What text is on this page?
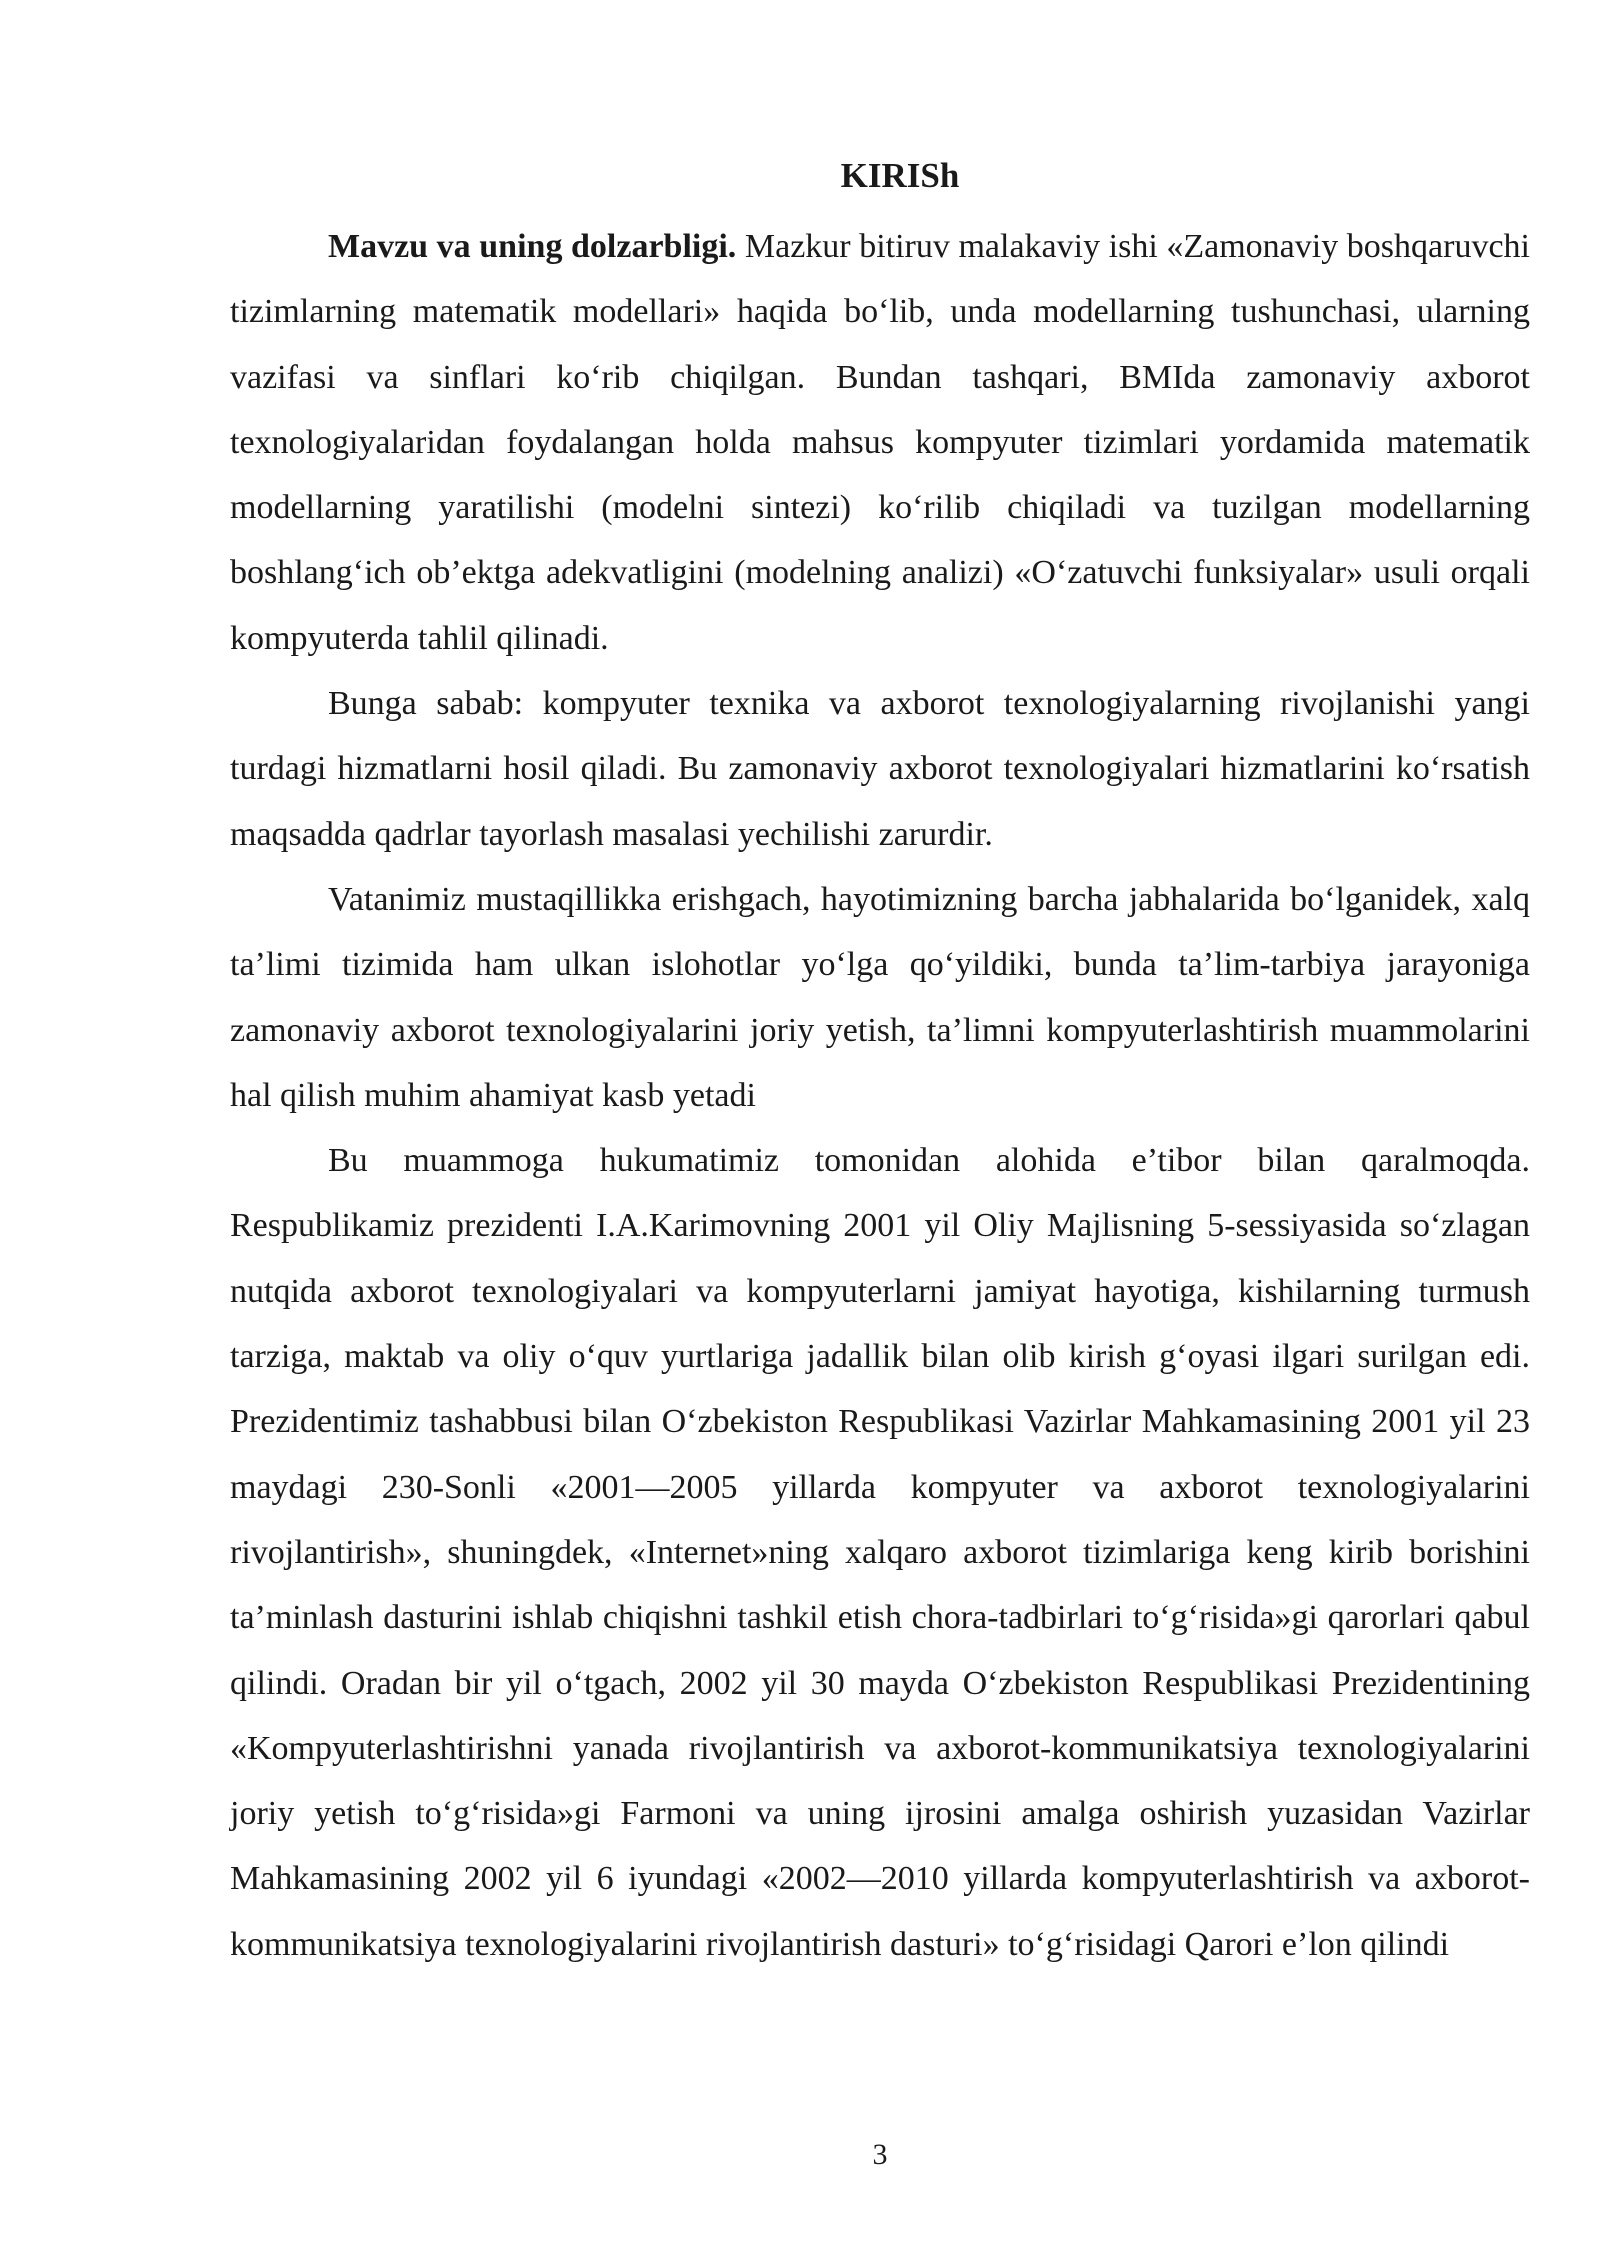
KIRISh

Mavzu va uning dolzarbligi. Mazkur bitiruv malakaviy ishi «Zamonaviy boshqaruvchi tizimlarning matematik modellari» haqida bo‘lib, unda modellarning tushunchasi, ularning vazifasi va sinflari ko‘rib chiqilgan. Bundan tashqari, BMIda zamonaviy axborot texnologiyalaridan foydalangan holda mahsus kompyuter tizimlari yordamida matematik modellarning yaratilishi (modelni sintezi) ko‘rilib chiqiladi va tuzilgan modellarning boshlang‘ich ob’ektga adekvatligini (modelning analizi) «O‘zatuvchi funksiyalar» usuli orqali kompyuterda tahlil qilinadi.

Bunga sabab: kompyuter texnika va axborot texnologiyalarning rivojlanishi yangi turdagi hizmatlarni hosil qiladi. Bu zamonaviy axborot texnologiyalari hizmatlarini ko‘rsatish maqsadda qadrlar tayorlash masalasi yechilishi zarurdir.

Vatanimiz mustaqillikka erishgach, hayotimizning barcha jabhalarida bo‘lganidek, xalq ta’limi tizimida ham ulkan islohotlar yo‘lga qo‘yildiki, bunda ta’lim-tarbiya jarayoniga zamonaviy axborot texnologiyalarini joriy yetish, ta’limni kompyuterlashtirish muammolarini hal qilish muhim ahamiyat kasb yetadi

Bu muammoga hukumatimiz tomonidan alohida e’tibor bilan qaralmoqda. Respublikamiz prezidenti I.A.Karimovning 2001 yil Oliy Majlisning 5-sessiyasida so‘zlagan nutqida axborot texnologiyalari va kompyuterlarni jamiyat hayotiga, kishilarning turmush tarziga, maktab va oliy o‘quv yurtlariga jadallik bilan olib kirish g‘oyasi ilgari surilgan edi. Prezidentimiz tashabbusi bilan O‘zbekiston Respublikasi Vazirlar Mahkamasining 2001 yil 23 maydagi 230-Sonli «2001—2005 yillarda kompyuter va axborot texnologiyalarini rivojlantirish», shuningdek, «Internet»ning xalqaro axborot tizimlariga keng kirib borishini ta’minlash dasturini ishlab chiqishni tashkil etish chora-tadbirlari to‘g‘risida»gi qarorlari qabul qilindi. Oradan bir yil o‘tgach, 2002 yil 30 mayda O‘zbekiston Respublikasi Prezidentining «Kompyuterlashtirishni yanada rivojlantirish va axborot-kommunikatsiya texnologiyalarini joriy yetish to‘g‘risida»gi Farmoni va uning ijrosini amalga oshirish yuzasidan Vazirlar Mahkamasining 2002 yil 6 iyundagi «2002—2010 yillarda kompyuterlashtirish va axborot-kommunikatsiya texnologiyalarini rivojlantirish dasturi» to‘g‘risidagi Qarori e’lon qilindi

3
